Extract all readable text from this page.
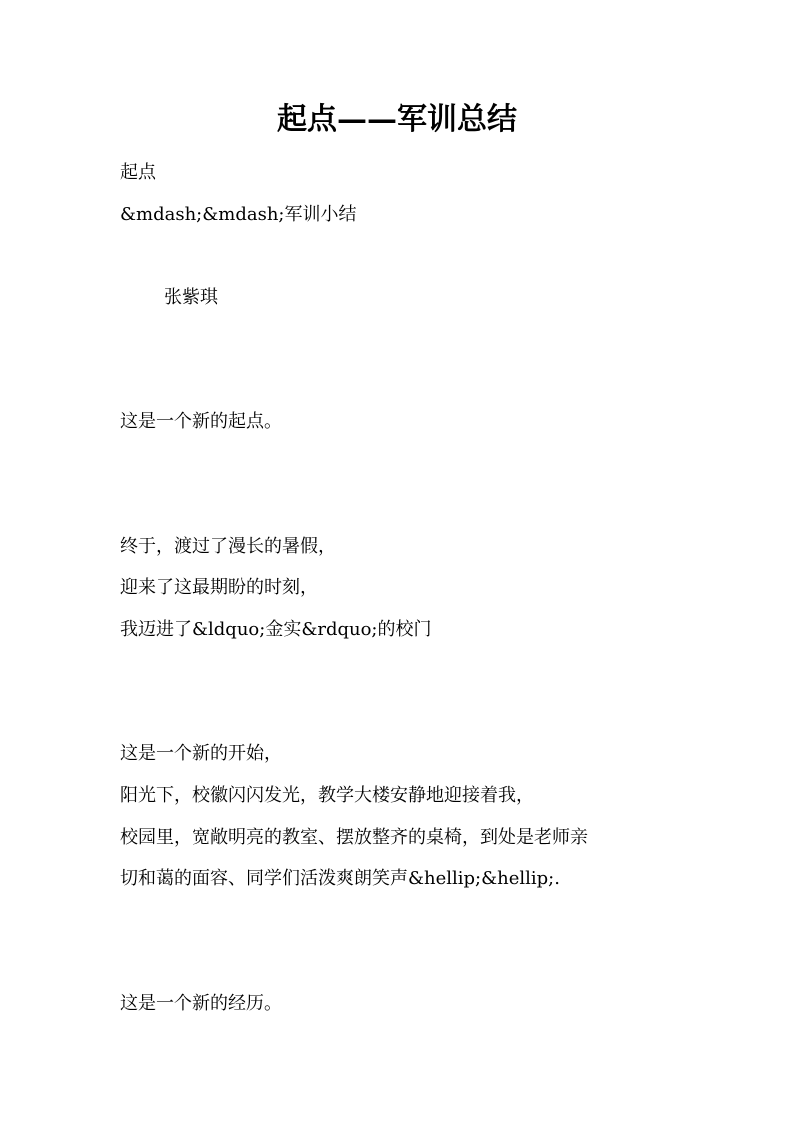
起点——军训总结
起点
&mdash;&mdash;军训小结
张紫琪
这是一个新的起点。
终于，渡过了漫长的暑假，
迎来了这最期盼的时刻，
我迈进了&ldquo;金实&rdquo;的校门
这是一个新的开始，
阳光下，校徽闪闪发光，教学大楼安静地迎接着我，
校园里，宽敞明亮的教室、摆放整齐的桌椅，到处是老师亲
切和蔼的面容、同学们活泼爽朗笑声&hellip;&hellip;.
这是一个新的经历。
